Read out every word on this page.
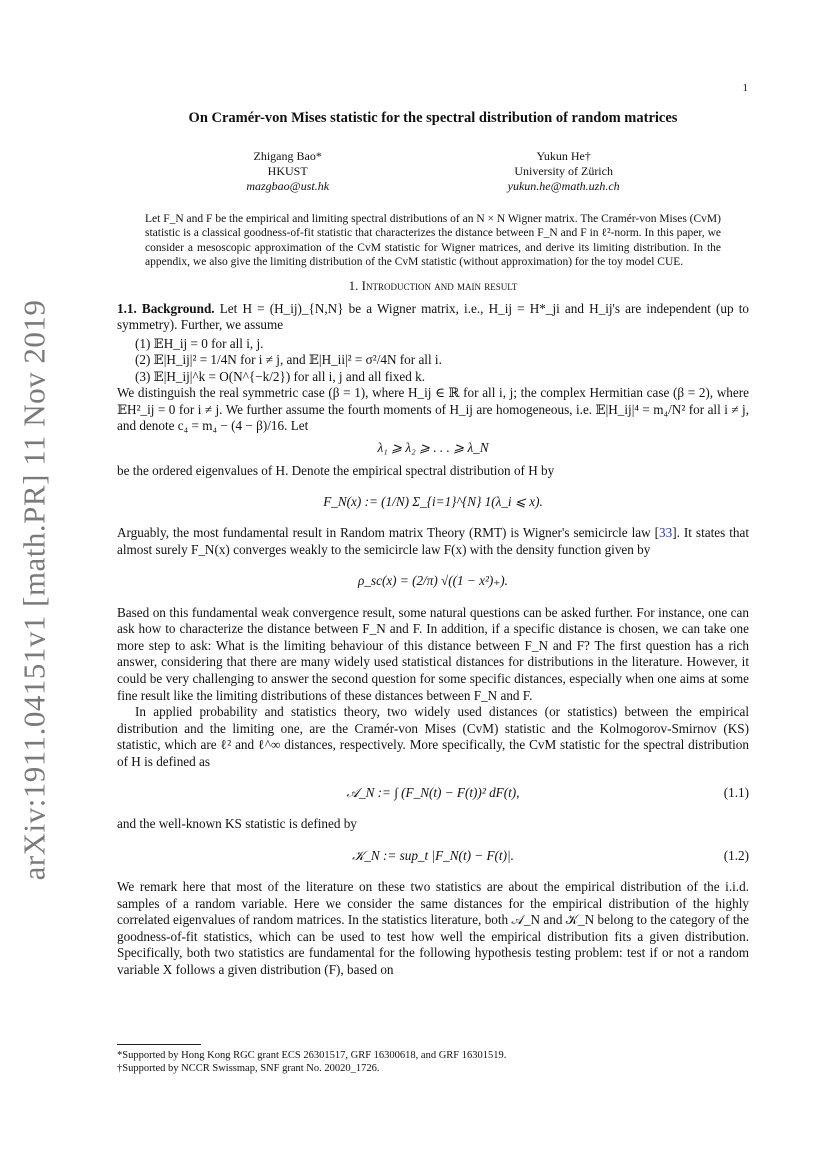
arXiv:1911.04151v1 [math.PR] 11 Nov 2019
1
On Cramér-von Mises statistic for the spectral distribution of random matrices
Zhigang Bao*
HKUST
mazgbao@ust.hk
Yukun He†
University of Zürich
yukun.he@math.uzh.ch
Let F_N and F be the empirical and limiting spectral distributions of an N × N Wigner matrix. The Cramér-von Mises (CvM) statistic is a classical goodness-of-fit statistic that characterizes the distance between F_N and F in ℓ²-norm. In this paper, we consider a mesoscopic approximation of the CvM statistic for Wigner matrices, and derive its limiting distribution. In the appendix, we also give the limiting distribution of the CvM statistic (without approximation) for the toy model CUE.
1. Introduction and main result

1.1. Background. Let H = (H_ij)_{N,N} be a Wigner matrix, i.e., H_ij = H*_ji and H_ij's are independent (up to symmetry). Further, we assume

(1) 𝔼H_ij = 0 for all i, j.
(2) 𝔼|H_ij|² = 1/4N for i ≠ j, and 𝔼|H_ii|² = σ²/4N for all i.
(3) 𝔼|H_ij|^k = O(N^{−k/2}) for all i, j and all fixed k.

We distinguish the real symmetric case (β = 1), where H_ij ∈ ℝ for all i, j; the complex Hermitian case (β = 2), where 𝔼H²_ij = 0 for i ≠ j. We further assume the fourth moments of H_ij are homogeneous, i.e. 𝔼|H_ij|⁴ = m₄/N² for all i ≠ j, and denote c₄ = m₄ − (4 − β)/16. Let

λ₁ ⩾ λ₂ ⩾ . . . ⩾ λ_N

be the ordered eigenvalues of H. Denote the empirical spectral distribution of H by

F_N(x) := (1/N) Σ_{i=1}^{N} 1(λ_i ⩽ x).

Arguably, the most fundamental result in Random matrix Theory (RMT) is Wigner's semicircle law [33]. It states that almost surely F_N(x) converges weakly to the semicircle law F(x) with the density function given by

ρ_sc(x) = (2/π) √((1 − x²)₊).

Based on this fundamental weak convergence result, some natural questions can be asked further. For instance, one can ask how to characterize the distance between F_N and F. In addition, if a specific distance is chosen, we can take one more step to ask: What is the limiting behaviour of this distance between F_N and F? The first question has a rich answer, considering that there are many widely used statistical distances for distributions in the literature. However, it could be very challenging to answer the second question for some specific distances, especially when one aims at some fine result like the limiting distributions of these distances between F_N and F.

In applied probability and statistics theory, two widely used distances (or statistics) between the empirical distribution and the limiting one, are the Cramér-von Mises (CvM) statistic and the Kolmogorov-Smirnov (KS) statistic, which are ℓ² and ℓ^∞ distances, respectively. More specifically, the CvM statistic for the spectral distribution of H is defined as

𝒜_N := ∫ (F_N(t) − F(t))² dF(t),	(1.1)

and the well-known KS statistic is defined by

𝒦_N := sup_t |F_N(t) − F(t)|.	(1.2)

We remark here that most of the literature on these two statistics are about the empirical distribution of the i.i.d. samples of a random variable. Here we consider the same distances for the empirical distribution of the highly correlated eigenvalues of random matrices. In the statistics literature, both 𝒜_N and 𝒦_N belong to the category of the goodness-of-fit statistics, which can be used to test how well the empirical distribution fits a given distribution. Specifically, both two statistics are fundamental for the following hypothesis testing problem: test if or not a random variable X follows a given distribution (F), based on

*Supported by Hong Kong RGC grant ECS 26301517, GRF 16300618, and GRF 16301519.
†Supported by NCCR Swissmap, SNF grant No. 20020_1726.
